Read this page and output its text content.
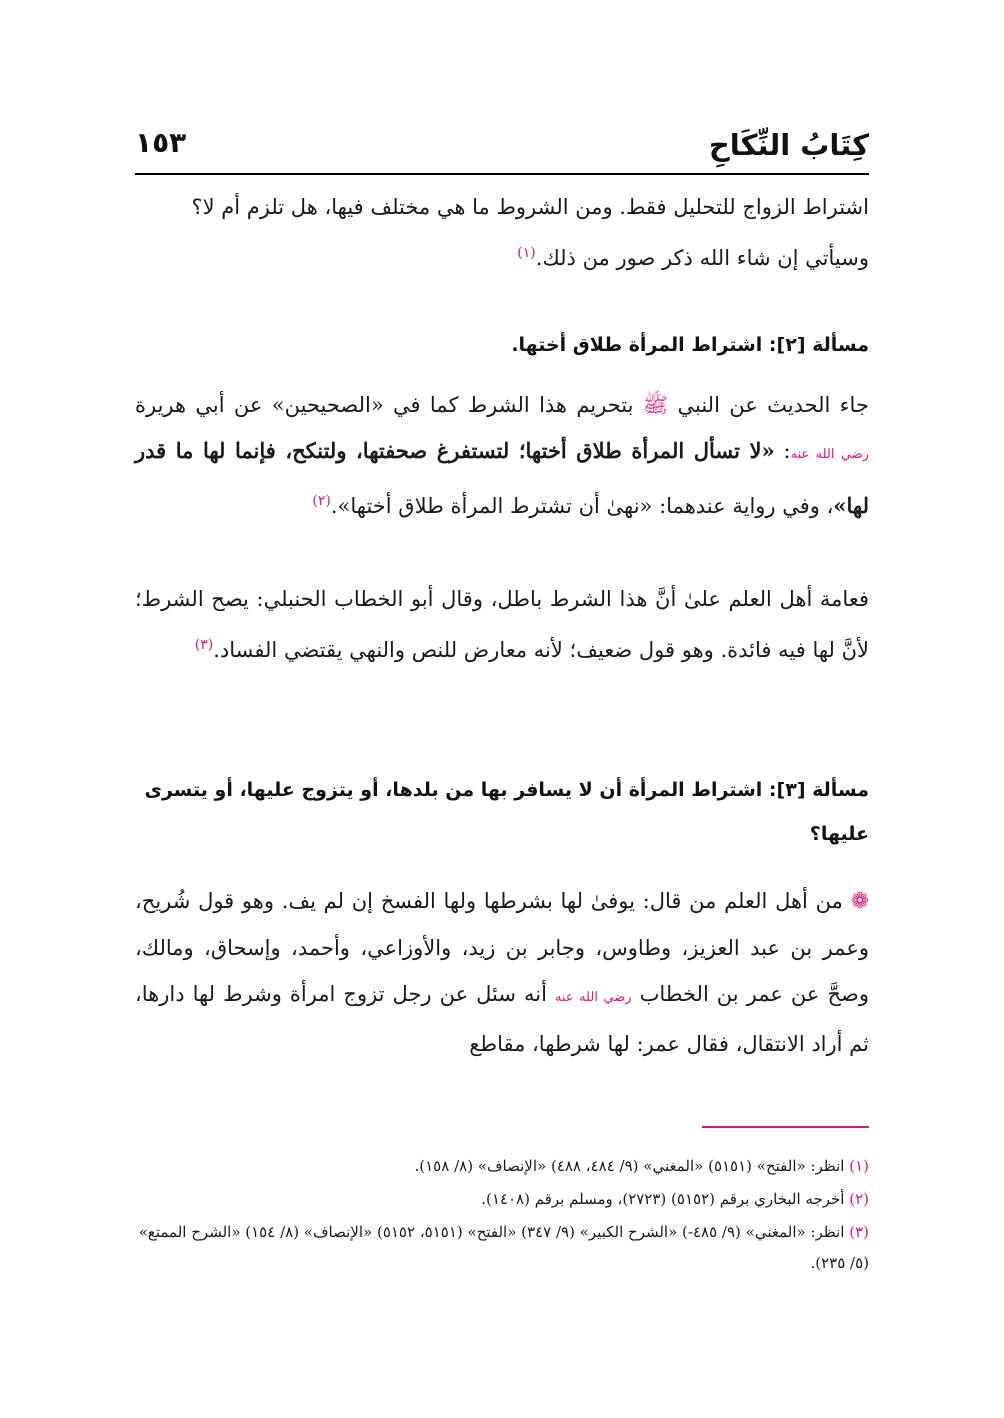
كِتَابُ النِّكَاحِ
١٥٣
اشتراط الزواج للتحليل فقط. ومن الشروط ما هي مختلف فيها، هل تلزم أم لا؟
وسيأتي إن شاء الله ذكر صور من ذلك.$^{(١)}$
مسألة [٢]: اشتراط المرأة طلاق أختها.
جاء الحديث عن النبي ﷺ بتحريم هذا الشرط كما في «الصحيحين» عن أبي هريرة رضي الله عنه: «لا تسأل المرأة طلاق أختها؛ لتستفرغ صحفتها، ولتنكح، فإنما لها ما قدر لها»، وفي رواية عندهما: «نهىٰ أن تشترط المرأة طلاق أختها».$^{(٢)}$
فعامة أهل العلم علىٰ أنَّ هذا الشرط باطل، وقال أبو الخطاب الحنبلي: يصح الشرط؛ لأنَّ لها فيه فائدة. وهو قول ضعيف؛ لأنه معارض للنص والنهي يقتضي الفساد.$^{(٣)}$
مسألة [٣]: اشتراط المرأة أن لا يسافر بها من بلدها، أو يتزوج عليها، أو يتسرى عليها؟
❁ من أهل العلم من قال: يوفىٰ لها بشرطها ولها الفسخ إن لم يف. وهو قول شُريح، وعمر بن عبد العزيز، وطاوس، وجابر بن زيد، والأوزاعي، وأحمد، وإسحاق، ومالك، وصحَّ عن عمر بن الخطاب رضي الله عنه أنه سئل عن رجل تزوج امرأة وشرط لها دارها، ثم أراد الانتقال، فقال عمر: لها شرطها، مقاطع
(١) انظر: «الفتح» (٥١٥١) «المغني» (٩/ ٤٨٤، ٤٨٨) «الإنصاف» (٨/ ١٥٨).
(٢) أخرجه البخاري برقم (٥١٥٢) (٢٧٢٣)، ومسلم برقم (١٤٠٨).
(٣) انظر: «المغني» (٩/ ٤٨٥-) «الشرح الكبير» (٩/ ٣٤٧) «الفتح» (٥١٥١، ٥١٥٢) «الإنصاف» (٨/ ١٥٤) «الشرح الممتع» (٥/ ٢٣٥).
